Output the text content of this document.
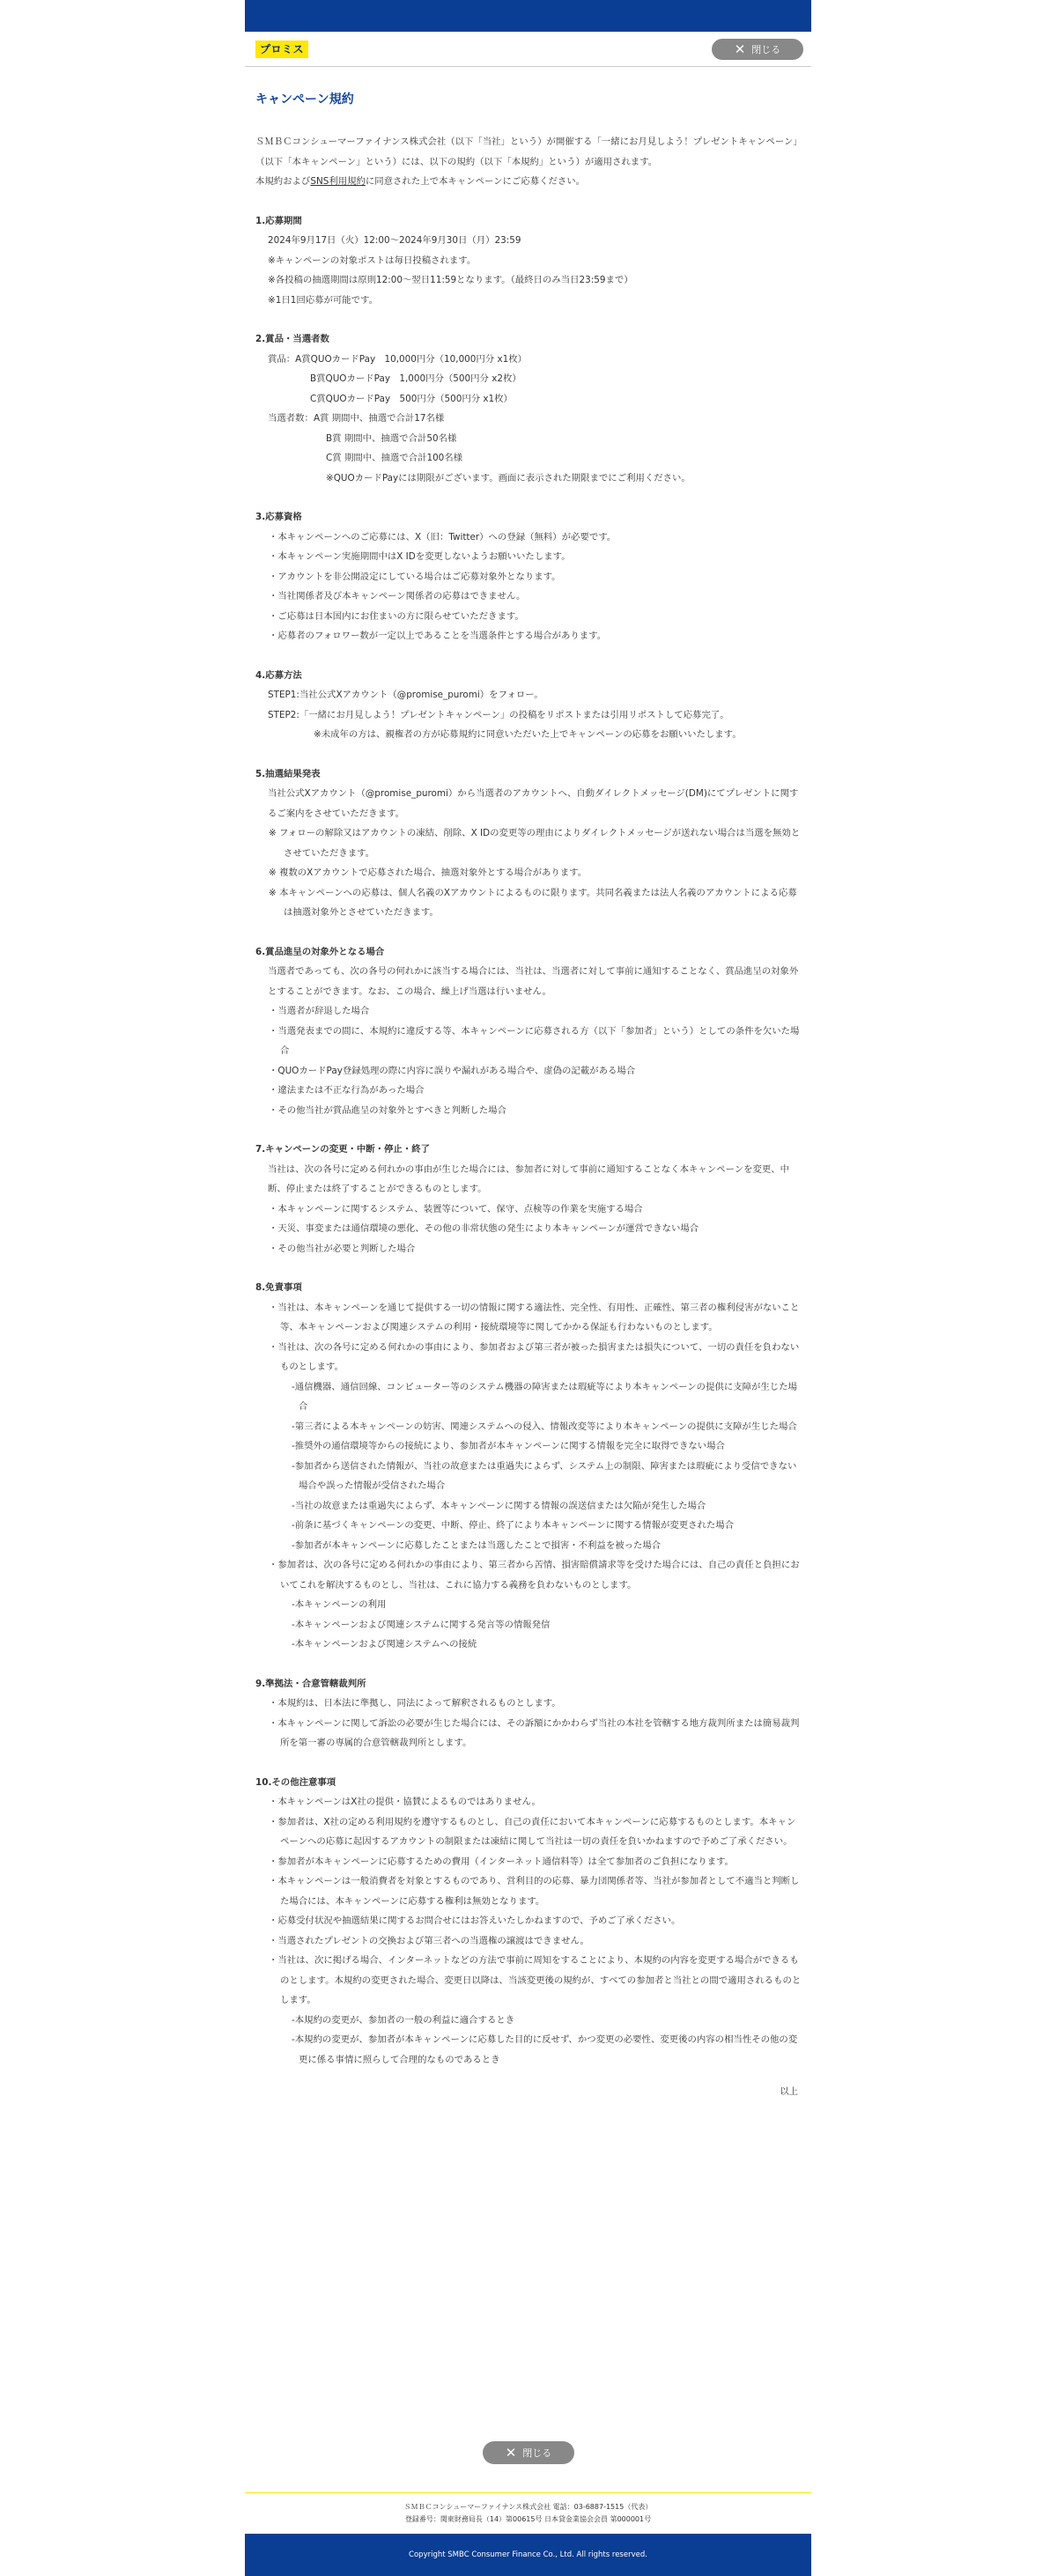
プロミス	✕ 閉じる
キャンペーン規約
ＳＭＢＣコンシューマーファイナンス株式会社（以下「当社」という）が開催する「一緒にお月見しよう！プレゼントキャンペーン」（以下「本キャンペーン」という）には、以下の規約（以下「本規約」という）が適用されます。
本規約およびSNS利用規約に同意された上で本キャンペーンにご応募ください。
1.応募期間
2024年9月17日（火）12:00〜2024年9月30日（月）23:59
※キャンペーンの対象ポストは毎日投稿されます。
※各投稿の抽選期間は原則12:00〜翌日11:59となります。（最終日のみ当日23:59まで）
※1日1回応募が可能です。
2.賞品・当選者数
賞品：A賞QUOカードPay　10,000円分（10,000円分 x1枚）
B賞QUOカードPay　1,000円分（500円分 x2枚）
C賞QUOカードPay　500円分（500円分 x1枚）
当選者数：A賞 期間中、抽選で合計17名様
B賞 期間中、抽選で合計50名様
C賞 期間中、抽選で合計100名様
※QUOカードPayには期限がございます。画面に表示された期限までにご利用ください。
3.応募資格
・本キャンペーンへのご応募には、X（旧：Twitter）への登録（無料）が必要です。
・本キャンペーン実施期間中はX IDを変更しないようお願いいたします。
・アカウントを非公開設定にしている場合はご応募対象外となります。
・当社関係者及び本キャンペーン関係者の応募はできません。
・ご応募は日本国内にお住まいの方に限らせていただきます。
・応募者のフォロワー数が一定以上であることを当選条件とする場合があります。
4.応募方法
STEP1:当社公式Xアカウント（@promise_puromi）をフォロー。
STEP2:「一緒にお月見しよう！プレゼントキャンペーン」の投稿をリポストまたは引用リポストして応募完了。
※未成年の方は、親権者の方が応募規約に同意いただいた上でキャンペーンの応募をお願いいたします。
5.抽選結果発表
当社公式Xアカウント（@promise_puromi）から当選者のアカウントへ、自動ダイレクトメッセージ(DM)にてプレゼントに関するご案内をさせていただきます。
※ フォローの解除又はアカウントの凍結、削除、X IDの変更等の理由によりダイレクトメッセージが送れない場合は当選を無効とさせていただきます。
※ 複数のXアカウントで応募された場合、抽選対象外とする場合があります。
※ 本キャンペーンへの応募は、個人名義のXアカウントによるものに限ります。共同名義または法人名義のアカウントによる応募は抽選対象外とさせていただきます。
6.賞品進呈の対象外となる場合
当選者であっても、次の各号の何れかに該当する場合には、当社は、当選者に対して事前に通知することなく、賞品進呈の対象外とすることができます。なお、この場合、繰上げ当選は行いません。
・当選者が辞退した場合
・当選発表までの間に、本規約に違反する等、本キャンペーンに応募される方（以下「参加者」という）としての条件を欠いた場合
・QUOカードPay登録処理の際に内容に誤りや漏れがある場合や、虚偽の記載がある場合
・違法または不正な行為があった場合
・その他当社が賞品進呈の対象外とすべきと判断した場合
7.キャンペーンの変更・中断・停止・終了
当社は、次の各号に定める何れかの事由が生じた場合には、参加者に対して事前に通知することなく本キャンペーンを変更、中断、停止または終了することができるものとします。
・本キャンペーンに関するシステム、装置等について、保守、点検等の作業を実施する場合
・天災、事変または通信環境の悪化、その他の非常状態の発生により本キャンペーンが運営できない場合
・その他当社が必要と判断した場合
8.免責事項
・当社は、本キャンペーンを通じて提供する一切の情報に関する適法性、完全性、有用性、正確性、第三者の権利侵害がないこと等、本キャンペーンおよび関連システムの利用・接続環境等に関してかかる保証も行わないものとします。
・当社は、次の各号に定める何れかの事由により、参加者および第三者が被った損害または損失について、一切の責任を負わないものとします。
-通信機器、通信回線、コンピューター等のシステム機器の障害または瑕疵等により本キャンペーンの提供に支障が生じた場合
-第三者による本キャンペーンの妨害、関連システムへの侵入、情報改変等により本キャンペーンの提供に支障が生じた場合
-推奨外の通信環境等からの接続により、参加者が本キャンペーンに関する情報を完全に取得できない場合
-参加者から送信された情報が、当社の故意または重過失によらず、システム上の制限、障害または瑕疵により受信できない場合や誤った情報が受信された場合
-当社の故意または重過失によらず、本キャンペーンに関する情報の誤送信または欠陥が発生した場合
-前条に基づくキャンペーンの変更、中断、停止、終了により本キャンペーンに関する情報が変更された場合
-参加者が本キャンペーンに応募したことまたは当選したことで損害・不利益を被った場合
・参加者は、次の各号に定める何れかの事由により、第三者から苦情、損害賠償請求等を受けた場合には、自己の責任と負担においてこれを解決するものとし、当社は、これに協力する義務を負わないものとします。
-本キャンペーンの利用
-本キャンペーンおよび関連システムに関する発言等の情報発信
-本キャンペーンおよび関連システムへの接続
9.準拠法・合意管轄裁判所
・本規約は、日本法に準拠し、同法によって解釈されるものとします。
・本キャンペーンに関して訴訟の必要が生じた場合には、その訴額にかかわらず当社の本社を管轄する地方裁判所または簡易裁判所を第一審の専属的合意管轄裁判所とします。
10.その他注意事項
・本キャンペーンはX社の提供・協賛によるものではありません。
・参加者は、X社の定める利用規約を遵守するものとし、自己の責任において本キャンペーンに応募するものとします。本キャンペーンへの応募に起因するアカウントの制限または凍結に関して当社は一切の責任を負いかねますので予めご了承ください。
・参加者が本キャンペーンに応募するための費用（インターネット通信料等）は全て参加者のご負担になります。
・本キャンペーンは一般消費者を対象とするものであり、営利目的の応募、暴力団関係者等、当社が参加者として不適当と判断した場合には、本キャンペーンに応募する権利は無効となります。
・応募受付状況や抽選結果に関するお問合せにはお答えいたしかねますので、予めご了承ください。
・当選されたプレゼントの交換および第三者への当選権の譲渡はできません。
・当社は、次に掲げる場合、インターネットなどの方法で事前に周知をすることにより、本規約の内容を変更する場合ができるものとします。本規約の変更された場合、変更日以降は、当該変更後の規約が、すべての参加者と当社との間で適用されるものとします。
-本規約の変更が、参加者の一般の利益に適合するとき
-本規約の変更が、参加者が本キャンペーンに応募した目的に反せず、かつ変更の必要性、変更後の内容の相当性その他の変更に係る事情に照らして合理的なものであるとき
以上
✕ 閉じる
ＳＭＢＣコンシューマーファイナンス株式会社 電話：03-6887-1515（代表）
登録番号：関東財務局長（14）第00615号 日本貸金業協会会員 第000001号
Copyright SMBC Consumer Finance Co., Ltd. All rights reserved.
